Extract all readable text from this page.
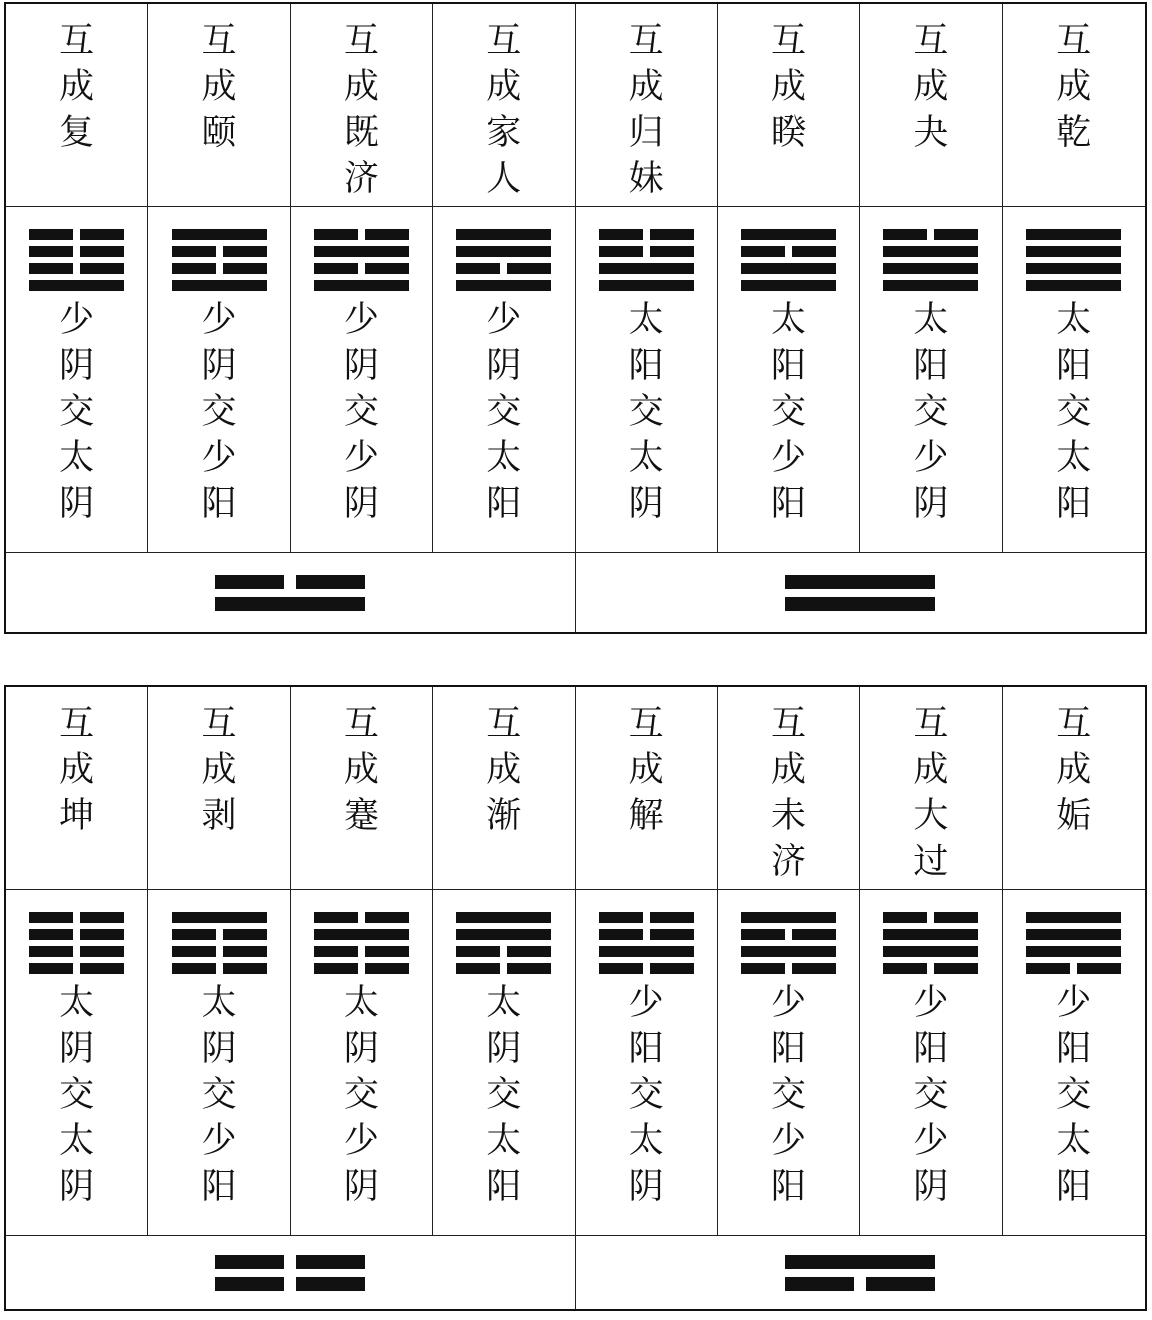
互
成
复
互
成
颐
互
成
既
济
互
成
家
人
互
成
归
妹
互
成
睽
互
成
夬
互
成
乾
少
阴
交
太
阴
少
阴
交
少
阳
少
阴
交
少
阴
少
阴
交
太
阳
太
阳
交
太
阴
太
阳
交
少
阳
太
阳
交
少
阴
太
阳
交
太
阳
互
成
坤
互
成
剥
互
成
蹇
互
成
渐
互
成
解
互
成
未
济
互
成
大
过
互
成
姤
太
阴
交
太
阴
太
阴
交
少
阳
太
阴
交
少
阴
太
阴
交
太
阳
少
阳
交
太
阴
少
阳
交
少
阳
少
阳
交
少
阴
少
阳
交
太
阳
